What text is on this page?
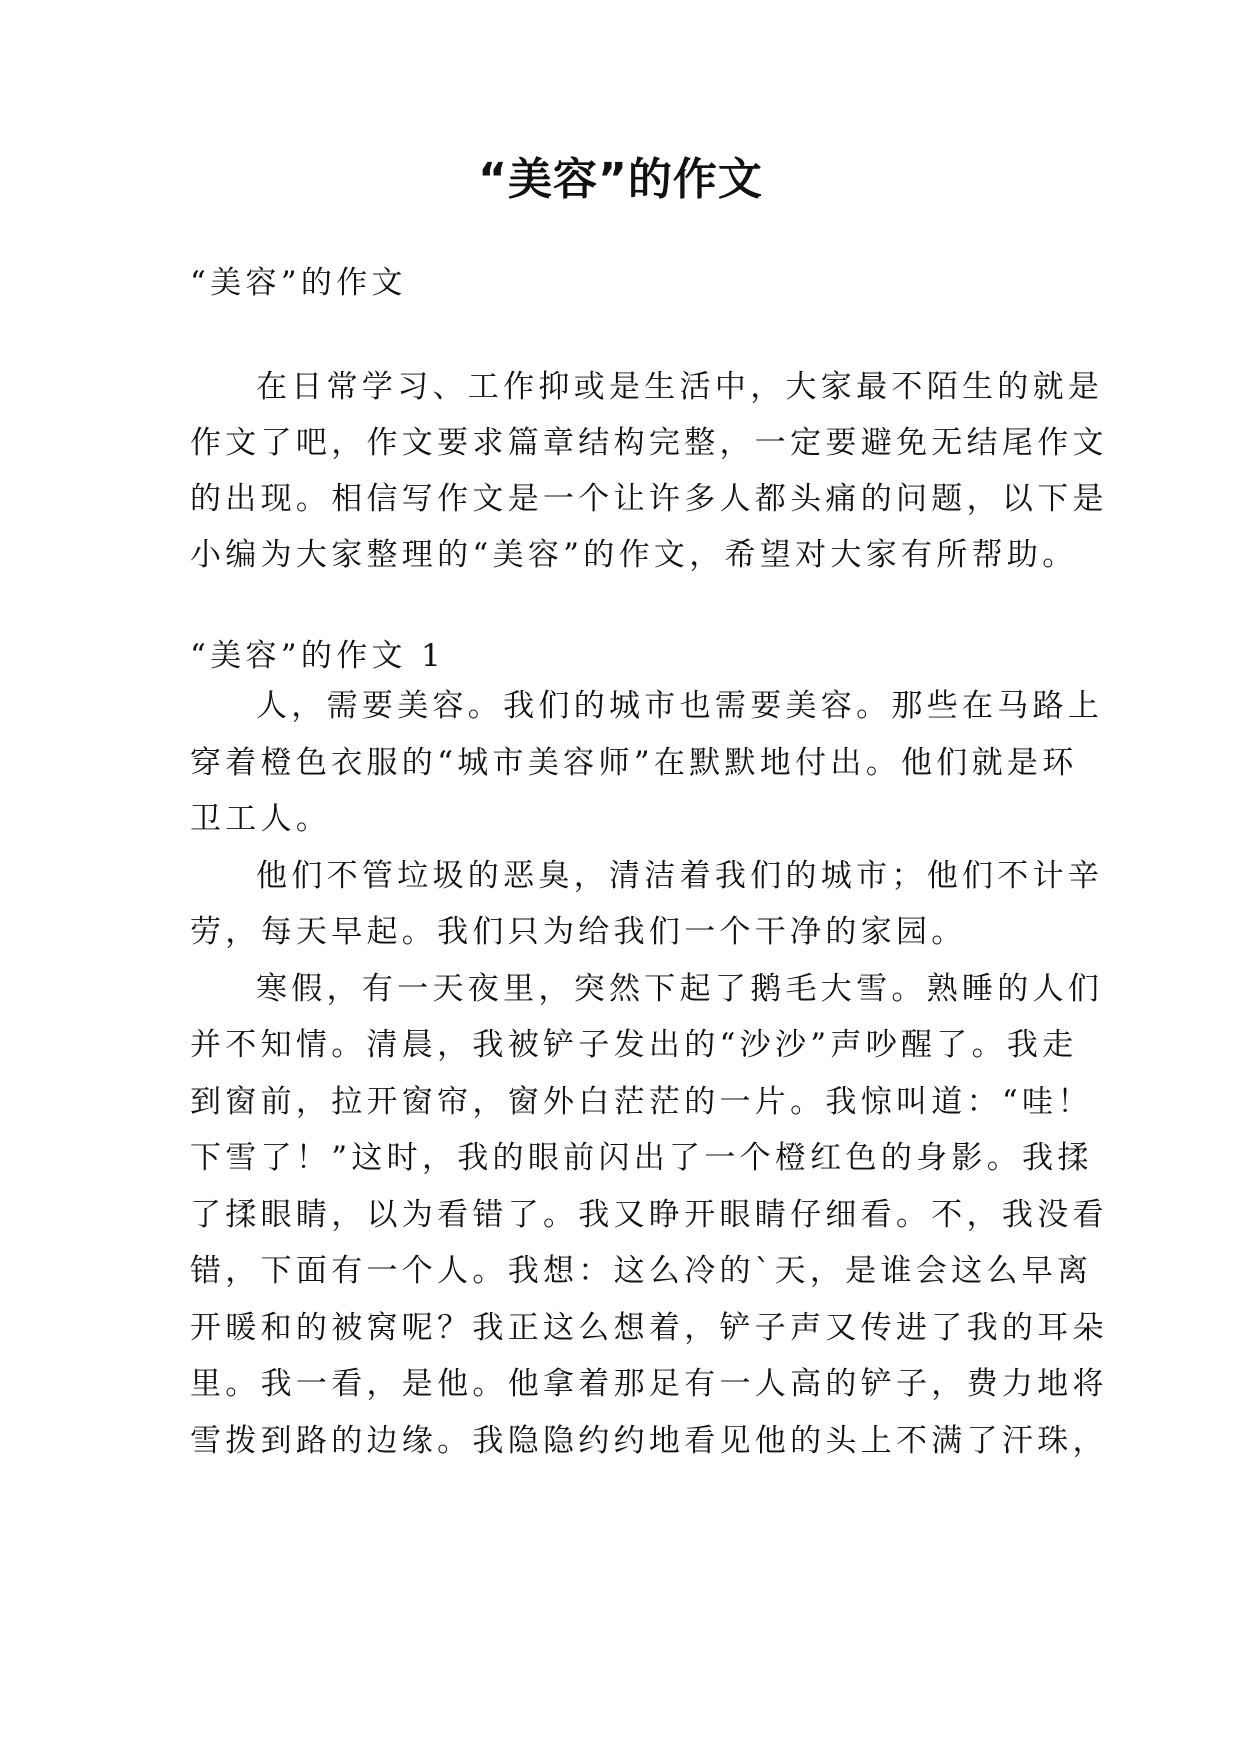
“美容”的作文
“美容”的作文
在日常学习、工作抑或是生活中，大家最不陌生的就是
作文了吧，作文要求篇章结构完整，一定要避免无结尾作文
的出现。相信写作文是一个让许多人都头痛的问题，以下是
小编为大家整理的“美容”的作文，希望对大家有所帮助。
“美容”的作文 1
人，需要美容。我们的城市也需要美容。那些在马路上
穿着橙色衣服的“城市美容师”在默默地付出。他们就是环
卫工人。
他们不管垃圾的恶臭，清洁着我们的城市；他们不计辛
劳，每天早起。我们只为给我们一个干净的家园。
寒假，有一天夜里，突然下起了鹅毛大雪。熟睡的人们
并不知情。清晨，我被铲子发出的“沙沙”声吵醒了。我走
到窗前，拉开窗帘，窗外白茫茫的一片。我惊叫道：“哇！
下雪了！”这时，我的眼前闪出了一个橙红色的身影。我揉
了揉眼睛，以为看错了。我又睁开眼睛仔细看。不，我没看
错，下面有一个人。我想：这么冷的`天，是谁会这么早离
开暖和的被窝呢？我正这么想着，铲子声又传进了我的耳朵
里。我一看，是他。他拿着那足有一人高的铲子，费力地将
雪拨到路的边缘。我隐隐约约地看见他的头上不满了汗珠，
